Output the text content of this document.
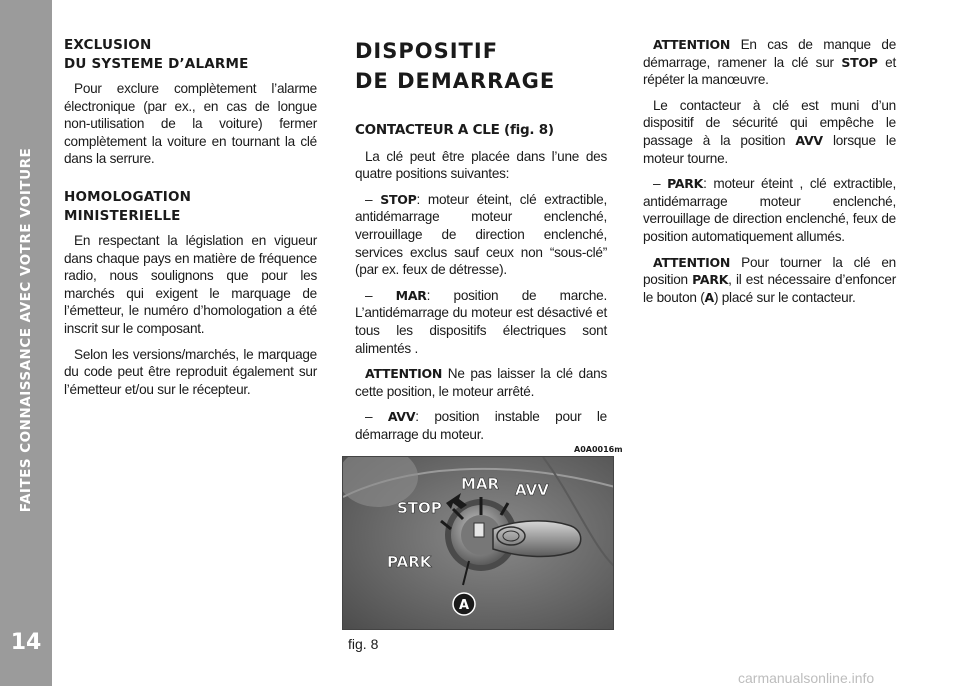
FAITES CONNAISSANCE AVEC VOTRE VOITURE
14
EXCLUSION
DU SYSTEME D’ALARME

Pour exclure complètement l’alarme électronique (par ex., en cas de longue non-utilisation de la voiture) fermer complètement la voiture en tournant la clé dans la serrure.

HOMOLOGATION
MINISTERIELLE

En respectant la législation en vigueur dans chaque pays en matière de fréquence radio, nous soulignons que pour les marchés qui exigent le marquage de l’émetteur, le numéro d’homologation a été inscrit sur le composant.

Selon les versions/marchés, le marquage du code peut être reproduit également sur l’émetteur et/ou sur le récepteur.

DISPOSITIF
DE DEMARRAGE
CONTACTEUR A CLE (fig. 8)

La clé peut être placée dans l’une des quatre positions suivantes:

– STOP: moteur éteint, clé extractible, antidémarrage moteur enclenché, verrouillage de direction enclenché, services exclus sauf ceux non “sous-clé” (par ex. feux de détresse).

– MAR: position de marche. L’antidémarrage du moteur est désactivé et tous les dispositifs électriques sont alimentés .

ATTENTION Ne pas laisser la clé dans cette position, le moteur arrêté.

– AVV: position instable pour le démarrage du moteur.

ATTENTION En cas de manque de démarrage, ramener la clé sur STOP et répéter la manœuvre.

Le contacteur à clé est muni d’un dispositif de sécurité qui empêche le passage à la position AVV lorsque le moteur tourne.

– PARK: moteur éteint , clé extractible, antidémarrage moteur enclenché, verrouillage de direction enclenché, feux de position automatiquement allumés.

ATTENTION Pour tourner la clé en position PARK, il est nécessaire d’enfoncer le bouton (A) placé sur le contacteur.

A0A0016m
MAR AVV
STOP
PARK
A
fig. 8
carmanualsonline.info
